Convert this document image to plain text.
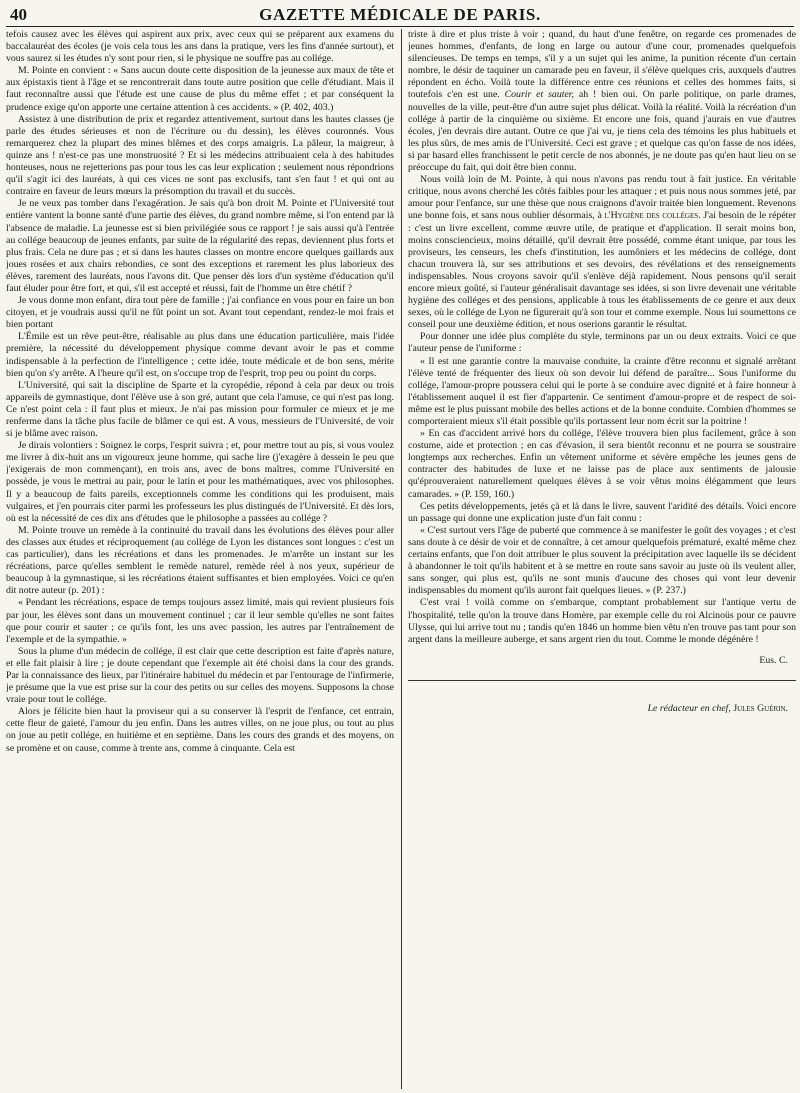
40	GAZETTE MÉDICALE DE PARIS.

tefois causez avec les élèves qui aspirent aux prix, avec ceux qui se préparent aux examens du baccalauréat des écoles (je vois cela tous les ans dans la pratique, vers les fins d'année surtout), et vous saurez si les études n'y sont pour rien, si le physique ne souffre pas au collége.

M. Pointe en convient : « Sans aucun doute cette disposition de la jeunesse aux maux de tête et aux épistaxis tient à l'âge et se rencontrerait dans toute autre position que celle d'étudiant. Mais il faut reconnaître aussi que l'étude est une cause de plus du même effet ; et par conséquent la prudence exige qu'on apporte une certaine attention à ces accidents. » (P. 402, 403.)

Assistez à une distribution de prix et regardez attentivement, surtout dans les hautes classes (je parle des études sérieuses et non de l'écriture ou du dessin), les élèves couronnés. Vous remarquerez chez la plupart des mines blêmes et des corps amaigris. La pâleur, la maigreur, à quinze ans ! n'est-ce pas une monstruosité ? Et si les médecins attribuaient cela à des habitudes honteuses, nous ne rejetterions pas pour tous les cas leur explication ; seulement nous répondrions qu'il s'agit ici des lauréats, à qui ces vices ne sont pas exclusifs, tant s'en faut ! et qui ont au contraire en faveur de leurs mœurs la présomption du travail et du succès.

Je ne veux pas tomber dans l'exagération. Je sais qu'à bon droit M. Pointe et l'Université tout entière vantent la bonne santé d'une partie des élèves, du grand nombre même, si l'on entend par là l'absence de maladie. La jeunesse est si bien privilégiée sous ce rapport ! je sais aussi qu'à l'entrée au collége beaucoup de jeunes enfants, par suite de la régularité des repas, deviennent plus forts et plus frais. Cela ne dure pas ; et si dans les hautes classes on montre encore quelques gaillards aux joues rosées et aux chairs rebondies, ce sont des exceptions et rarement les plus laborieux des élèves, rarement des lauréats, nous l'avons dit. Que penser dès lors d'un système d'éducation qu'il faut éluder pour être fort, et qui, s'il est accepté et réussi, fait de l'homme un être chétif ?

Je vous donne mon enfant, dira tout père de famille ; j'ai confiance en vous pour en faire un bon citoyen, et je voudrais aussi qu'il ne fût point un sot. Avant tout cependant, rendez-le moi frais et bien portant

L'Émile est un rêve peut-être, réalisable au plus dans une éducation particulière, mais l'idée première, la nécessité du développement physique comme devant avoir le pas et comme indispensable à la perfection de l'intelligence ; cette idée, toute médicale et de bon sens, mérite bien qu'on s'y arrête. A l'heure qu'il est, on s'occupe trop de l'esprit, trop peu ou point du corps.

L'Université, qui sait la discipline de Sparte et la cyropédie, répond à cela par deux ou trois appareils de gymnastique, dont l'élève use à son gré, autant que cela l'amuse, ce qui n'est pas long. Ce n'est point cela : il faut plus et mieux. Je n'ai pas mission pour formuler ce mieux et je me renferme dans la tâche plus facile de blâmer ce qui est. A vous, messieurs de l'Université, de voir si je blâme avec raison.

Je dirais volontiers : Soignez le corps, l'esprit suivra ; et, pour mettre tout au pis, si vous voulez me livrer à dix-huit ans un vigoureux jeune homme, qui sache lire (j'exagère à dessein le peu que j'exigerais de mon commençant), en trois ans, avec de bons maîtres, comme l'Université en possède, je vous le mettrai au pair, pour le latin et pour les mathématiques, avec vos philosophes. Il y a beaucoup de faits pareils, exceptionnels comme les conditions qui les produisent, mais vulgaires, et j'en pourrais citer parmi les professeurs les plus distingués de l'Université. Et dès lors, où est la nécessité de ces dix ans d'études que le philosophe a passées au collége ?

M. Pointe trouve un remède à la continuité du travail dans les évolutions des élèves pour aller des classes aux études et réciproquement (au collége de Lyon les distances sont longues : c'est un cas particulier), dans les récréations et dans les promenades. Je m'arrête un instant sur les récréations, parce qu'elles semblent le remède naturel, remède réel à nos yeux, supérieur de beaucoup à la gymnastique, si les récréations étaient suffisantes et bien employées. Voici ce qu'en dit notre auteur (p. 201) :

« Pendant les récréations, espace de temps toujours assez limité, mais qui revient plusieurs fois par jour, les élèves sont dans un mouvement continuel ; car il leur semble qu'elles ne sont faites que pour courir et sauter ; ce qu'ils font, les uns avec passion, les autres par l'entraînement de l'exemple et de la sympathie. »

Sous la plume d'un médecin de collége, il est clair que cette description est faite d'après nature, et elle fait plaisir à lire ; je doute cependant que l'exemple ait été choisi dans la cour des grands. Par la connaissance des lieux, par l'itinéraire habituel du médecin et par l'entourage de l'infirmerie, je présume que la vue est prise sur la cour des petits ou sur celles des moyens. Supposons la chose vraie pour tout le collége.

Alors je félicite bien haut la proviseur qui a su conserver là l'esprit de l'enfance, cet entrain, cette fleur de gaieté, l'amour du jeu enfin. Dans les autres villes, on ne joue plus, ou tout au plus on joue au petit collége, en huitième et en septième. Dans les cours des grands et des moyens, on se promène et on cause, comme à trente ans, comme à cinquante. Cela est

triste à dire et plus triste à voir ; quand, du haut d'une fenêtre, on regarde ces promenades de jeunes hommes, d'enfants, de long en large ou autour d'une cour, promenades quelquefois silencieuses. De temps en temps, s'il y a un sujet qui les anime, la punition récente d'un certain nombre, le désir de taquiner un camarade peu en faveur, il s'élève quelques cris, auxquels d'autres répondent en écho. Voilà toute la différence entre ces réunions et celles des hommes faits, si toutefois c'en est une. Courir et sauter, ah ! bien oui. On parle politique, on parle drames, nouvelles de la ville, peut-être d'un autre sujet plus délicat. Voilà la réalité. Voilà la récréation d'un collége à partir de la cinquième ou sixième. Et encore une fois, quand j'aurais en vue d'autres écoles, j'en devrais dire autant. Outre ce que j'ai vu, je tiens cela des témoins les plus habituels et les plus sûrs, de mes amis de l'Université. Ceci est grave ; et quelque cas qu'on fasse de nos idées, si par hasard elles franchissent le petit cercle de nos abonnés, je ne doute pas qu'en haut lieu on se préoccupe du fait, qui doit être bien connu.

Nous voilà loin de M. Pointe, à qui nous n'avons pas rendu tout à fait justice. En véritable critique, nous avons cherché les côtés faibles pour les attaquer ; et puis nous nous sommes jeté, par amour pour l'enfance, sur une thèse que nous craignons d'avoir traitée bien longuement. Revenons une bonne fois, et sans nous oublier désormais, à l'Hygiène des colléges. J'ai besoin de le répéter : c'est un livre excellent, comme œuvre utile, de pratique et d'application. Il serait moins bon, moins consciencieux, moins détaillé, qu'il devrait être possédé, comme étant unique, par tous les proviseurs, les censeurs, les chefs d'institution, les aumôniers et les médecins de collége, dont chacun trouvera là, sur ses attributions et ses devoirs, des révélations et des renseignements indispensables. Nous croyons savoir qu'il s'enlève déjà rapidement. Nous pensons qu'il serait encore mieux goûté, si l'auteur généralisait davantage ses idées, si son livre devenait une véritable hygiène des colléges et des pensions, applicable à tous les établissements de ce genre et aux deux sexes, où le collége de Lyon ne figurerait qu'à son tour et comme exemple. Nous lui soumettons ce conseil pour une deuxième édition, et nous oserions garantir le résultat.

Pour donner une idée plus complète du style, terminons par un ou deux extraits. Voici ce que l'auteur pense de l'uniforme :

« Il est une garantie contre la mauvaise conduite, la crainte d'être reconnu et signalé arrêtant l'élève tenté de fréquenter des lieux où son devoir lui défend de paraître... Sous l'uniforme du collége, l'amour-propre poussera celui qui le porte à se conduire avec dignité et à faire honneur à l'établissement auquel il est fier d'appartenir. Ce sentiment d'amour-propre et de respect de soi-même est le plus puissant mobile des belles actions et de la bonne conduite. Combien d'hommes se comporteraient mieux s'il était possible qu'ils portassent leur nom écrit sur la poitrine !

» En cas d'accident arrivé hors du collége, l'élève trouvera bien plus facilement, grâce à son costume, aide et protection ; en cas d'évasion, il sera bientôt reconnu et ne pourra se soustraire longtemps aux recherches. Enfin un vêtement uniforme et sévère empêche les jeunes gens de contracter des habitudes de luxe et ne laisse pas de place aux sentiments de jalousie qu'éprouveraient naturellement quelques élèves à se voir vêtus moins élégamment que leurs camarades. » (P. 159, 160.)

Ces petits développements, jetés çà et là dans le livre, sauvent l'aridité des détails. Voici encore un passage qui donne une explication juste d'un fait connu :

« C'est surtout vers l'âge de puberté que commence à se manifester le goût des voyages ; et c'est sans doute à ce désir de voir et de connaître, à cet amour quelquefois prématuré, exalté même chez certains enfants, que l'on doit attribuer le plus souvent la précipitation avec laquelle ils se décident à abandonner le toit qu'ils habitent et à se mettre en route sans savoir au juste où ils veulent aller, sans songer, qui plus est, qu'ils ne sont munis d'aucune des choses qui vont leur devenir indispensables du moment qu'ils auront fait quelques lieues. » (P. 237.)

C'est vrai ! voilà comme on s'embarque, comptant probablement sur l'antique vertu de l'hospitalité, telle qu'on la trouve dans Homère, par exemple celle du roi Alcinoüs pour ce pauvre Ulysse, qui lui arrive tout nu ; tandis qu'en 1846 un homme bien vêtu n'en trouve pas tant pour son argent dans la meilleure auberge, et sans argent rien du tout. Comme le monde dégénère !

Eus. C.
Le rédacteur en chef, Jules Guérin.
